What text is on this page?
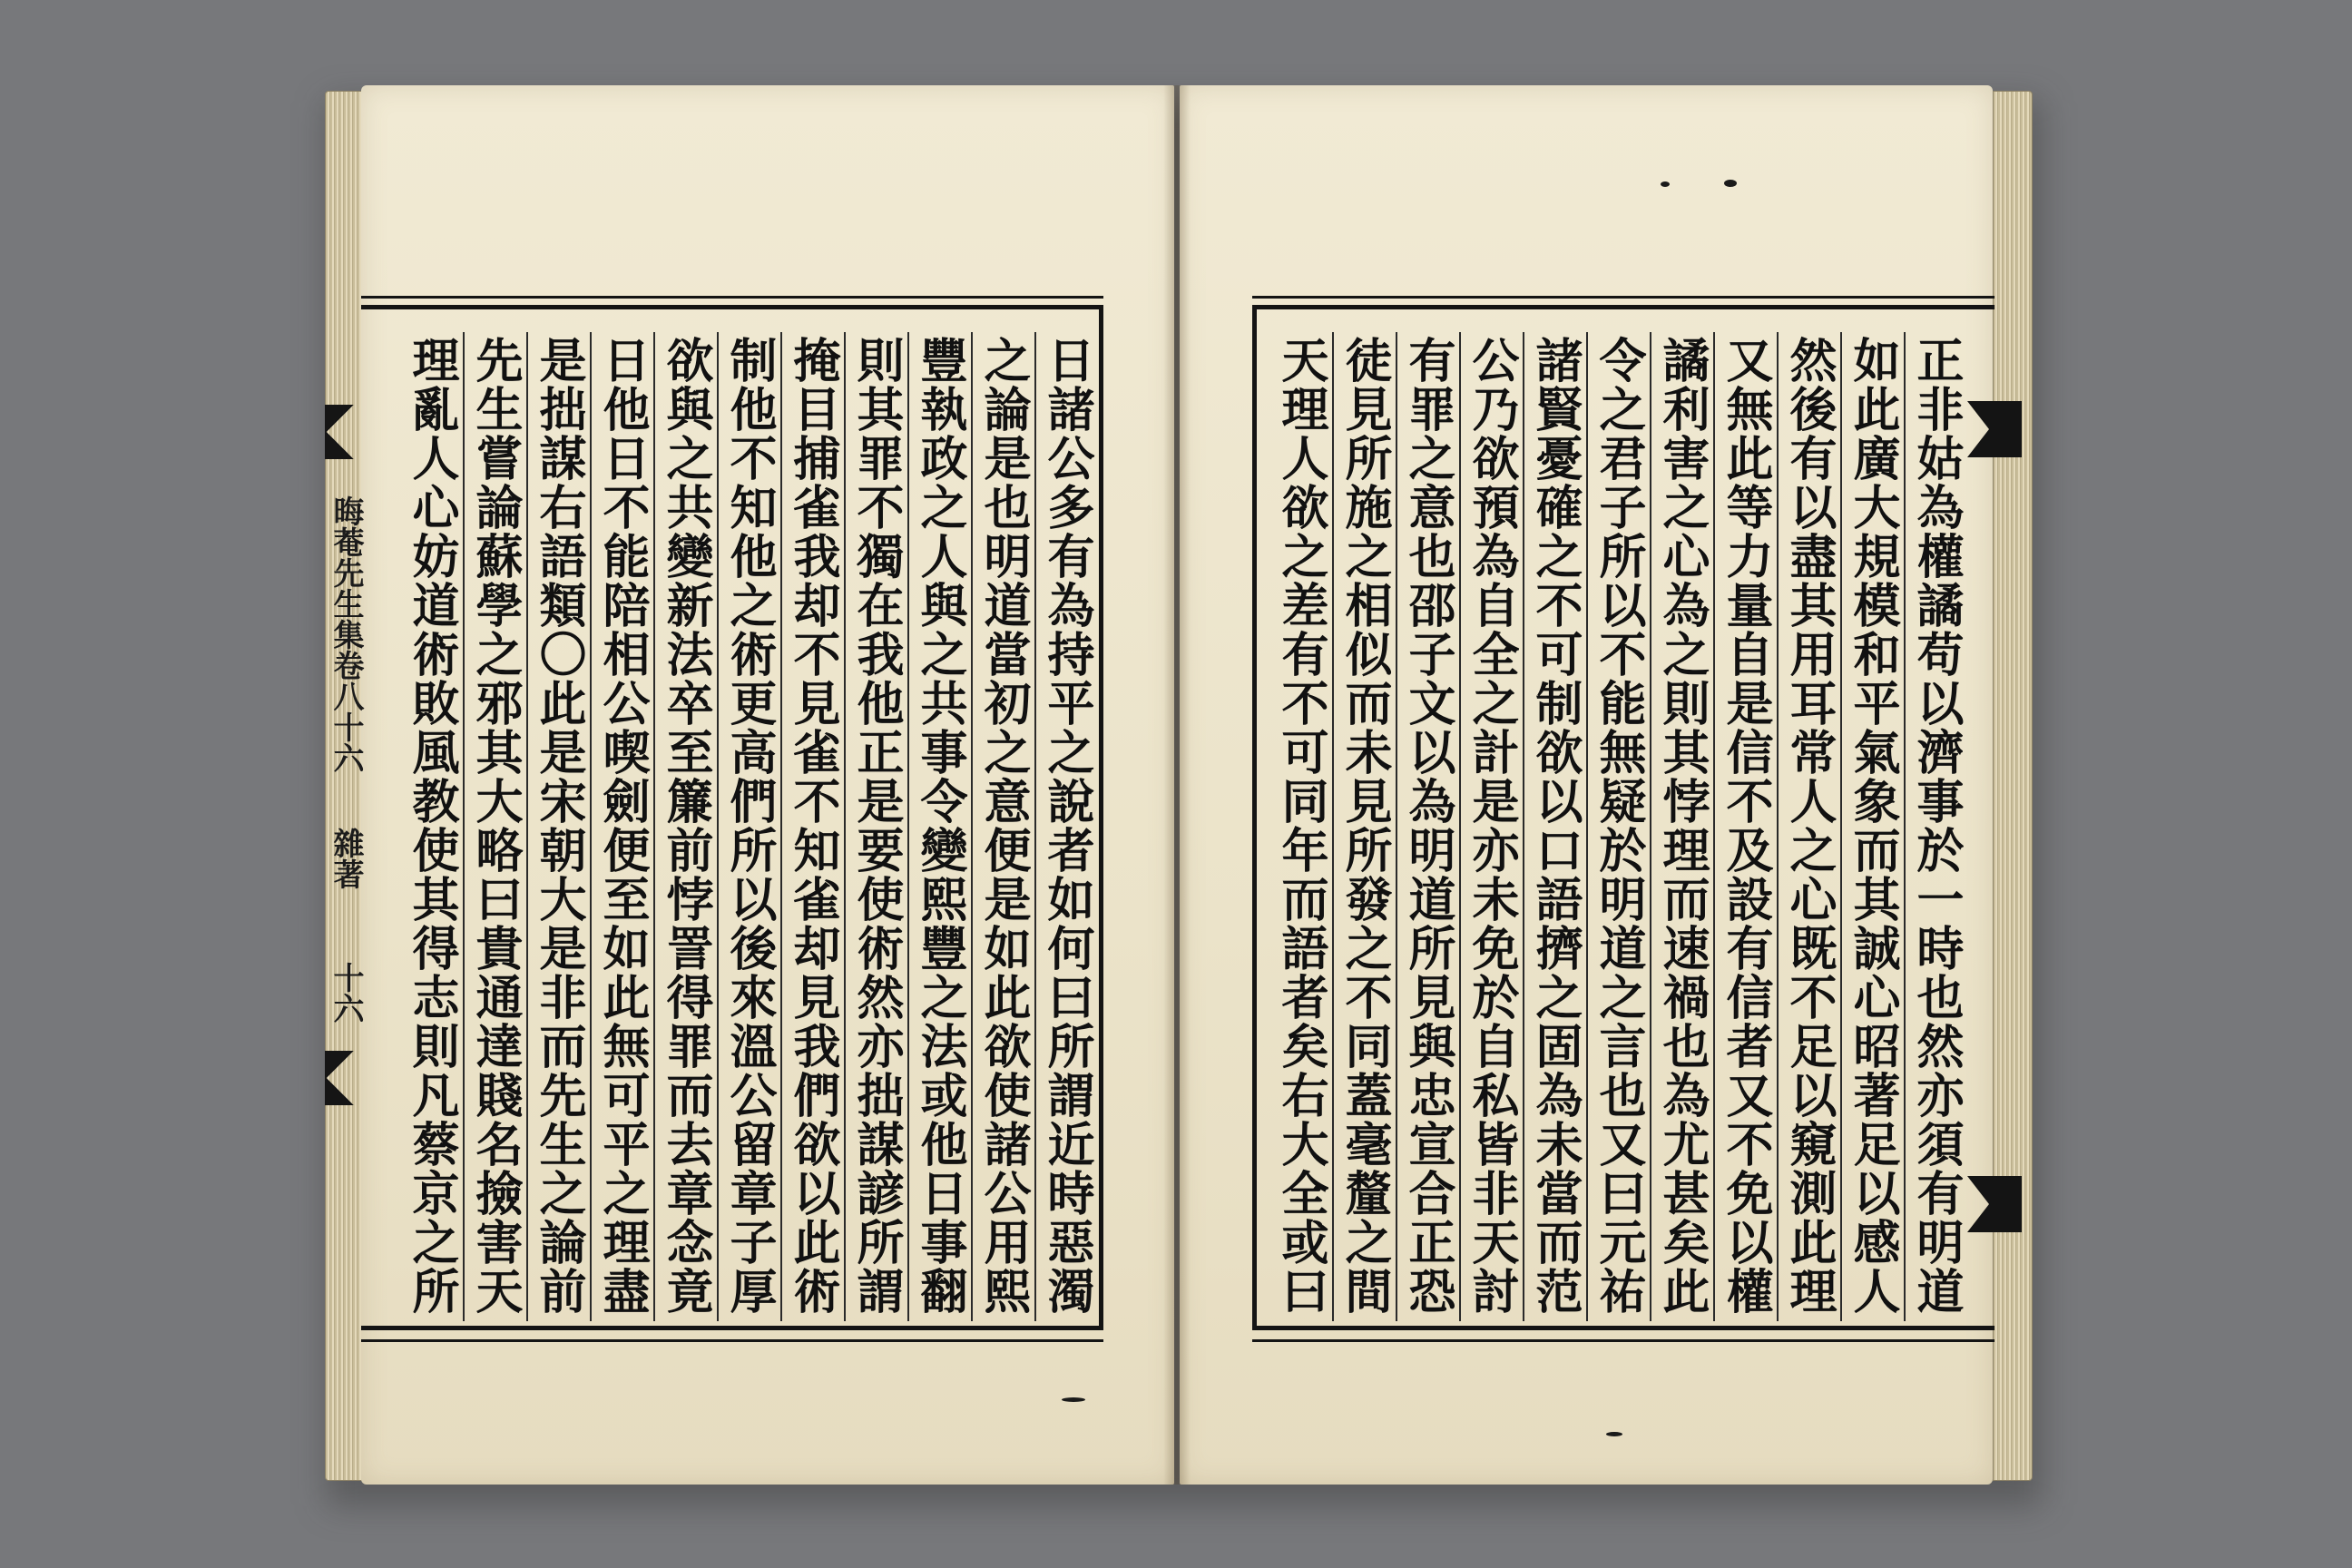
晦菴先生集卷八十六
雜著
十六	日諸公多有為持平之說者如何曰所謂近時惡濁
之論是也明道當初之意便是如此欲使諸公用熙
豐執政之人與之共事令變熙豐之法或他日事翻
則其罪不獨在我他正是要使術然亦拙謀諺所謂
掩目捕雀我却不見雀不知雀却見我們欲以此術
制他不知他之術更高們所以後來溫公留章子厚
欲與之共變新法卒至簾前悖詈得罪而去章念竟
日他日不能陪相公喫劍便至如此無可平之理盡
是拙謀右語類〇此是宋朝大是非而先生之論前
先生嘗論蘇學之邪其大略曰貴通達賤名撿害天
理亂人心妨道術敗風教使其得志則凡蔡京之所	正非姑為權譎苟以濟事於一時也然亦須有明道
如此廣大規模和平氣象而其誠心昭著足以感人
然後有以盡其用耳常人之心既不足以窺測此理
又無此等力量自是信不及設有信者又不免以權
譎利害之心為之則其悖理而速禍也為尤甚矣此
令之君子所以不能無疑於明道之言也又曰元祐
諸賢憂確之不可制欲以口語擠之固為未當而范
公乃欲預為自全之計是亦未免於自私皆非天討
有罪之意也邵子文以為明道所見與忠宣合正恐
徒見所施之相似而未見所發之不同蓋毫釐之間
天理人欲之差有不可同年而語者矣右大全或曰
